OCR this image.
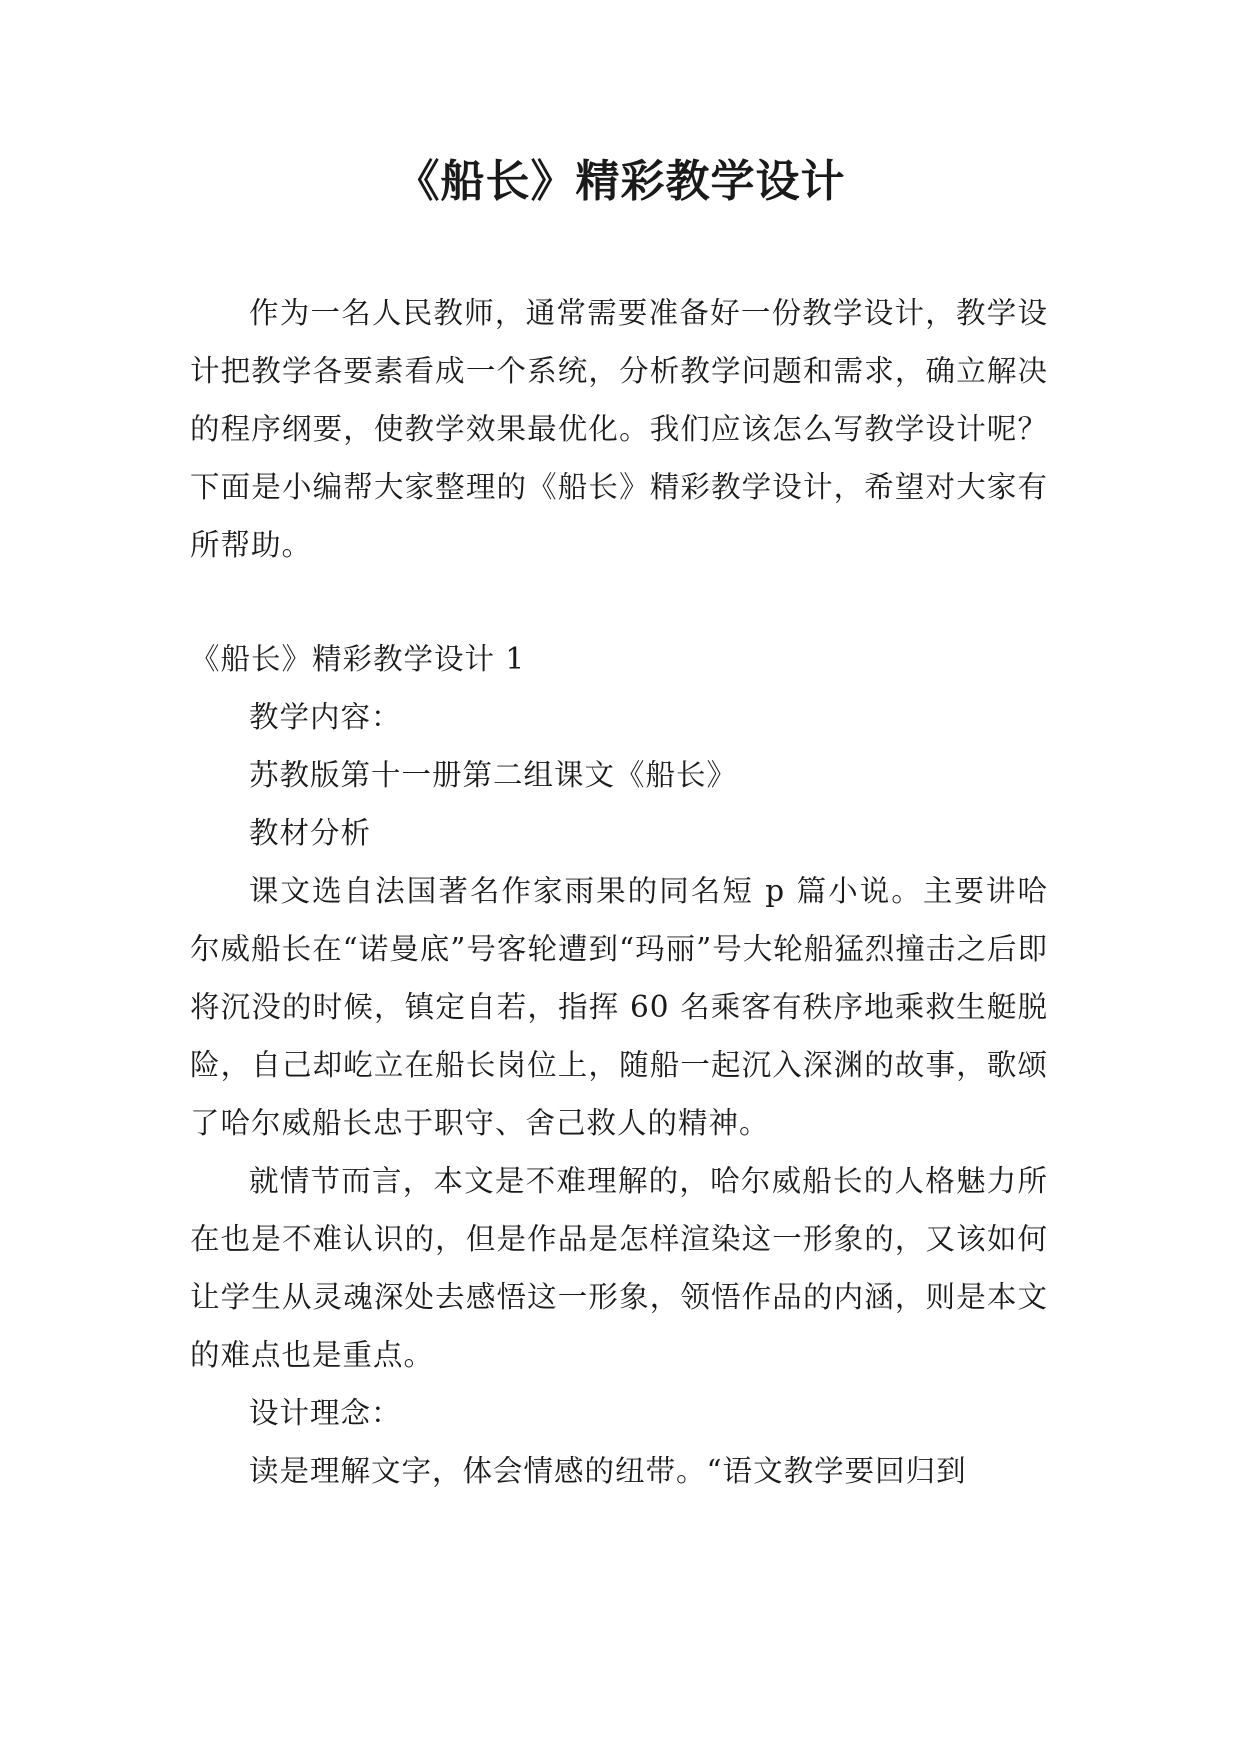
《船长》精彩教学设计

作为一名人民教师，通常需要准备好一份教学设计，教学设计把教学各要素看成一个系统，分析教学问题和需求，确立解决的程序纲要，使教学效果最优化。我们应该怎么写教学设计呢？下面是小编帮大家整理的《船长》精彩教学设计，希望对大家有所帮助。

《船长》精彩教学设计 1

教学内容：

苏教版第十一册第二组课文《船长》

教材分析

课文选自法国著名作家雨果的同名短 p 篇小说。主要讲哈尔威船长在“诺曼底”号客轮遭到“玛丽”号大轮船猛烈撞击之后即将沉没的时候，镇定自若，指挥 60 名乘客有秩序地乘救生艇脱险，自己却屹立在船长岗位上，随船一起沉入深渊的故事，歌颂了哈尔威船长忠于职守、舍己救人的精神。

就情节而言，本文是不难理解的，哈尔威船长的人格魅力所在也是不难认识的，但是作品是怎样渲染这一形象的，又该如何让学生从灵魂深处去感悟这一形象，领悟作品的内涵，则是本文的难点也是重点。

设计理念：

读是理解文字，体会情感的纽带。“语文教学要回归到
